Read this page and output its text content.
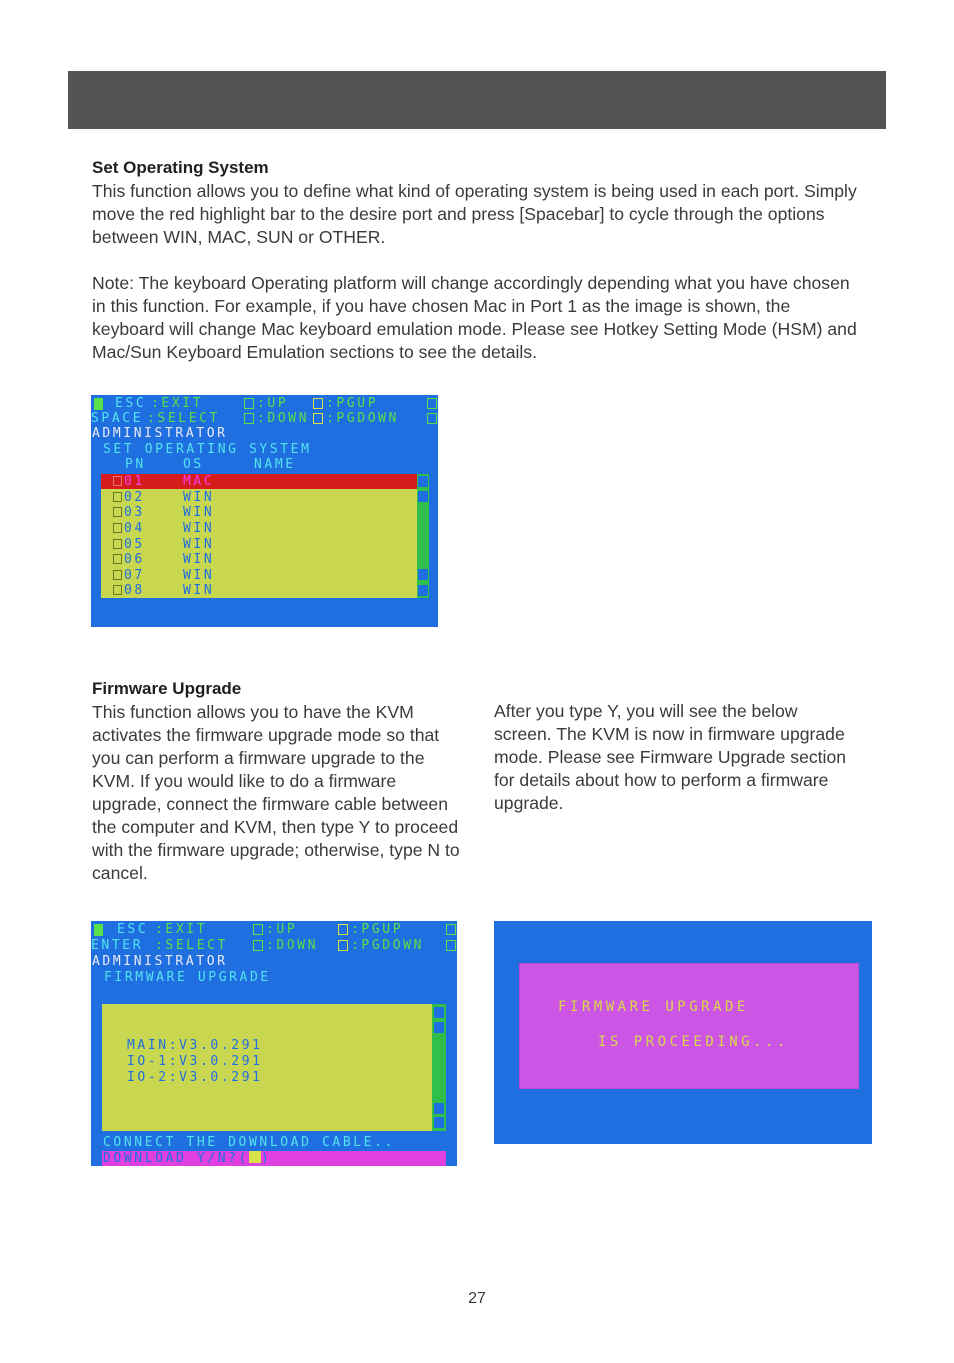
Set Operating System

This function allows you to define what kind of operating system is being used in each port. Simply move the red highlight bar to the desire port and press [Spacebar] to cycle through the options between WIN, MAC, SUN or OTHER.

Note: The keyboard Operating platform will change accordingly depending what you have chosen in this function. For example, if you have chosen Mac in Port 1 as the image is shown, the keyboard will change Mac keyboard emulation mode. Please see Hotkey Setting Mode (HSM) and Mac/Sun Keyboard Emulation sections to see the details.

ESC :EXIT	:UP	:PGUP
SPACE :SELECT	:DOWN :PGDOWN
ADMINISTRATOR
SET OPERATING SYSTEM
PN	OS	NAME
01	MAC
02	WIN
03	WIN
04	WIN
05	WIN
06	WIN
07	WIN
08	WIN
Firmware Upgrade

This function allows you to have the KVM activates the firmware upgrade mode so that you can perform a firmware upgrade to the KVM. If you would like to do a firmware upgrade, connect the firmware cable between the computer and KVM, then type Y to proceed with the firmware upgrade; otherwise, type N to cancel.

After you type Y, you will see the below screen. The KVM is now in firmware upgrade mode. Please see Firmware Upgrade section for details about how to perform a firmware upgrade.

ESC :EXIT	:UP	:PGUP
ENTER :SELECT	:DOWN	:PGDOWN
ADMINISTRATOR
FIRMWARE UPGRADE
MAIN:V3.0.291
IO-1:V3.0.291
IO-2:V3.0.291
CONNECT THE DOWNLOAD CABLE..
DOWNLOAD Y/N?( )
FIRMWARE UPGRADE
IS PROCEEDING...
27
